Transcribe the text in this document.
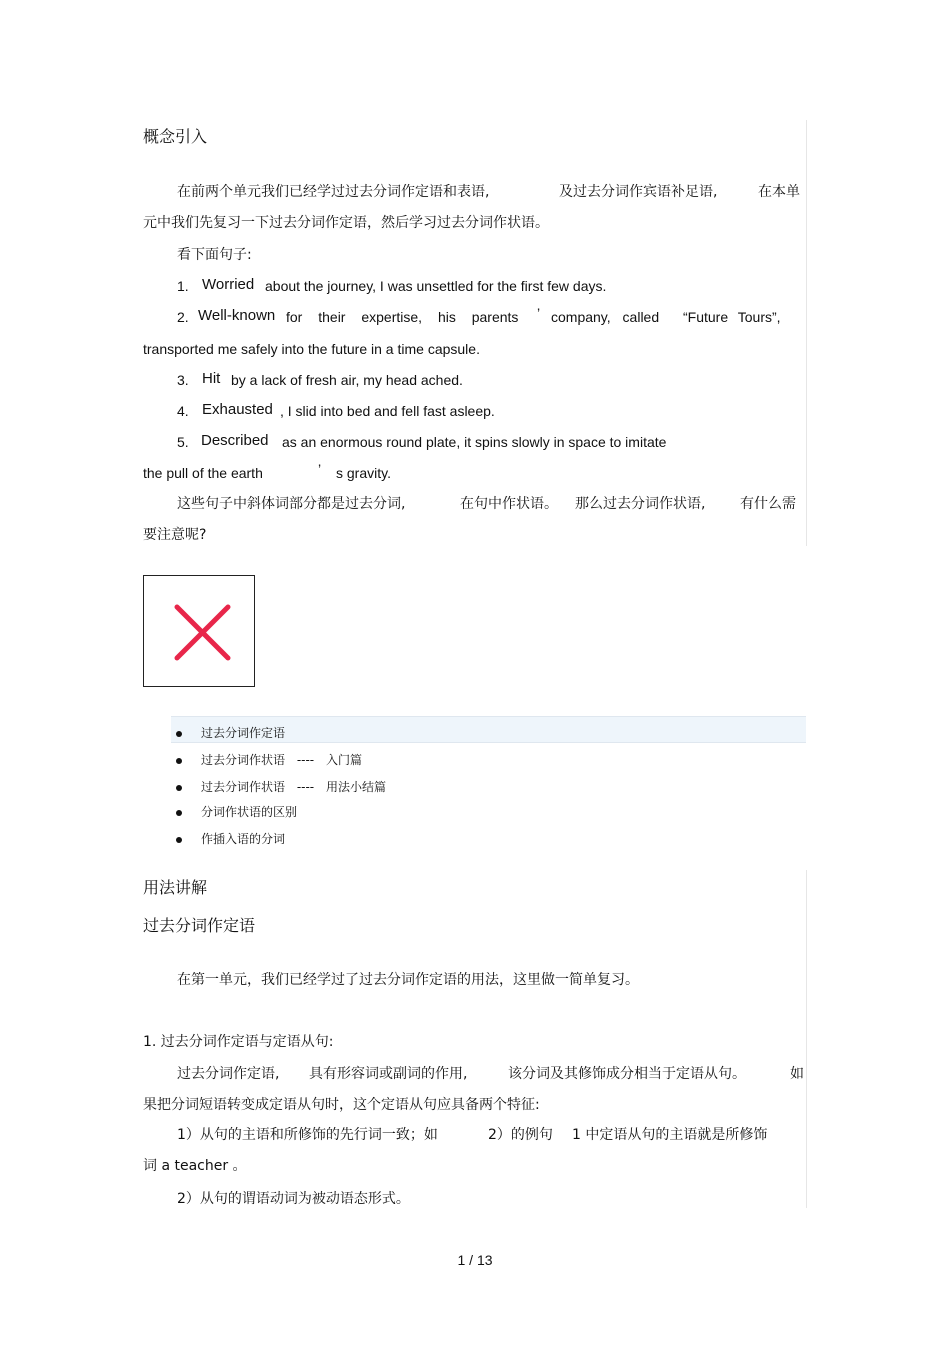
概念引入
在前两个单元我们已经学过过去分词作定语和表语,	及过去分词作宾语补足语,	在本单
元中我们先复习一下过去分词作定语，然后学习过去分词作状语。
看下面句子:
1. Worried about the journey, I was unsettled for the first few days.
2. Well-known for their expertise, his parents ’ company, called “Future Tours”,
transported me safely into the future in a time capsule.
3. Hit by a lack of fresh air, my head ached.
4. Exhausted , I slid into bed and fell fast asleep.
5. Described as an enormous round plate, it spins slowly in space to imitate
the pull of the earth	’ s gravity.
这些句子中斜体词部分都是过去分词,	在句中作状语。 那么过去分词作状语, 有什么需
要注意呢?
过去分词作定语
过去分词作状语 ---- 入门篇
过去分词作状语 ---- 用法小结篇
分词作状语的区别
作插入语的分词
用法讲解
过去分词作定语
在第一单元，我们已经学过了过去分词作定语的用法，这里做一简单复习。
1. 过去分词作定语与定语从句:
过去分词作定语, 具有形容词或副词的作用,	该分词及其修饰成分相当于定语从句。	如
果把分词短语转变成定语从句时，这个定语从句应具备两个特征:
1）从句的主语和所修饰的先行词一致；如	2）的例句 1 中定语从句的主语就是所修饰
词 a teacher 。
2）从句的谓语动词为被动语态形式。
1 / 13
